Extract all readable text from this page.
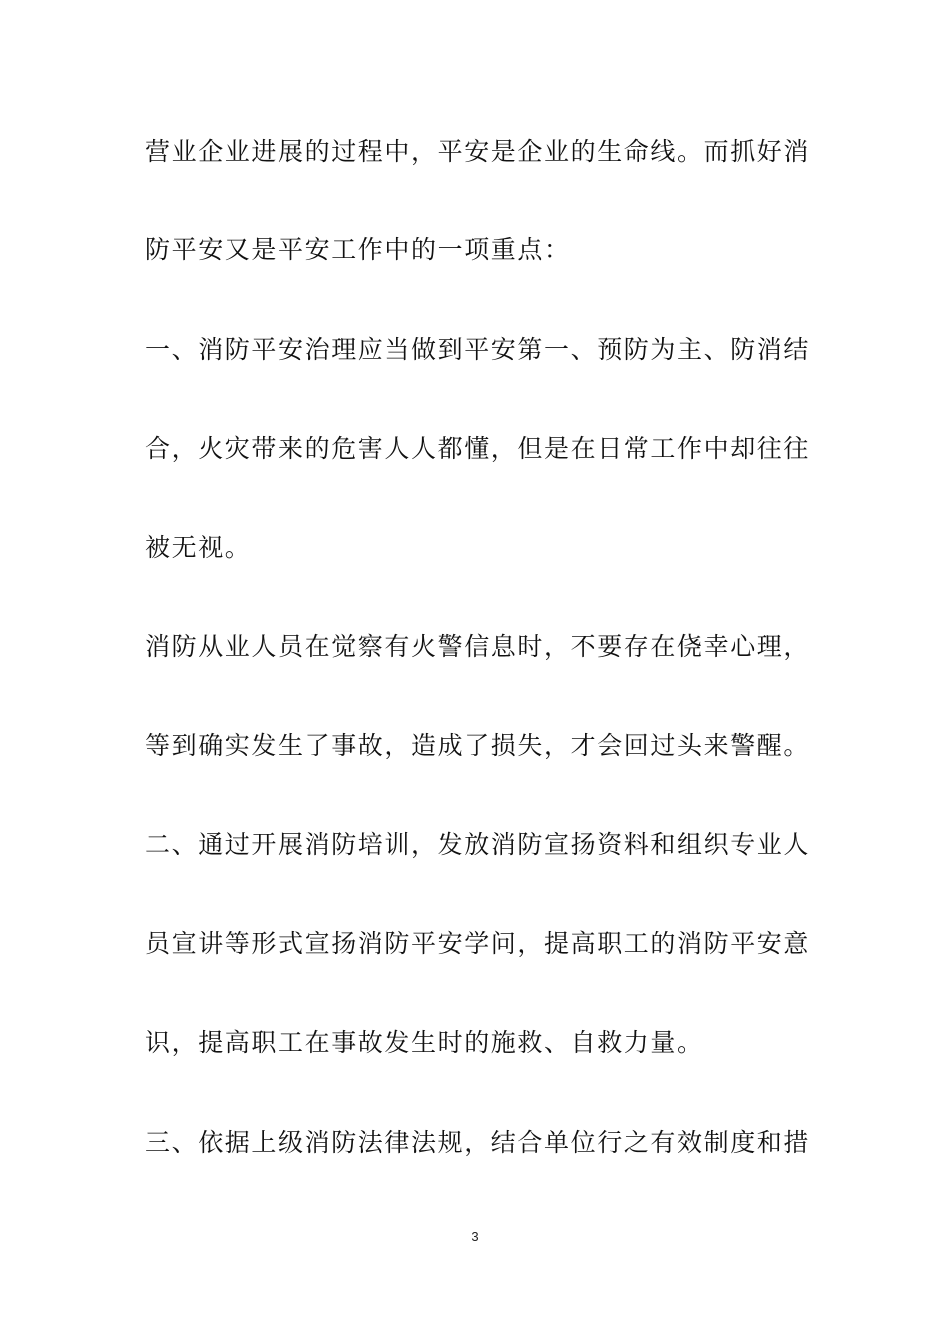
营业企业进展的过程中，平安是企业的生命线。而抓好消
防平安又是平安工作中的一项重点：
一、消防平安治理应当做到平安第一、预防为主、防消结
合，火灾带来的危害人人都懂，但是在日常工作中却往往
被无视。
消防从业人员在觉察有火警信息时，不要存在侥幸心理，
等到确实发生了事故，造成了损失，才会回过头来警醒。
二、通过开展消防培训，发放消防宣扬资料和组织专业人
员宣讲等形式宣扬消防平安学问，提高职工的消防平安意
识，提高职工在事故发生时的施救、自救力量。
三、依据上级消防法律法规，结合单位行之有效制度和措
3
